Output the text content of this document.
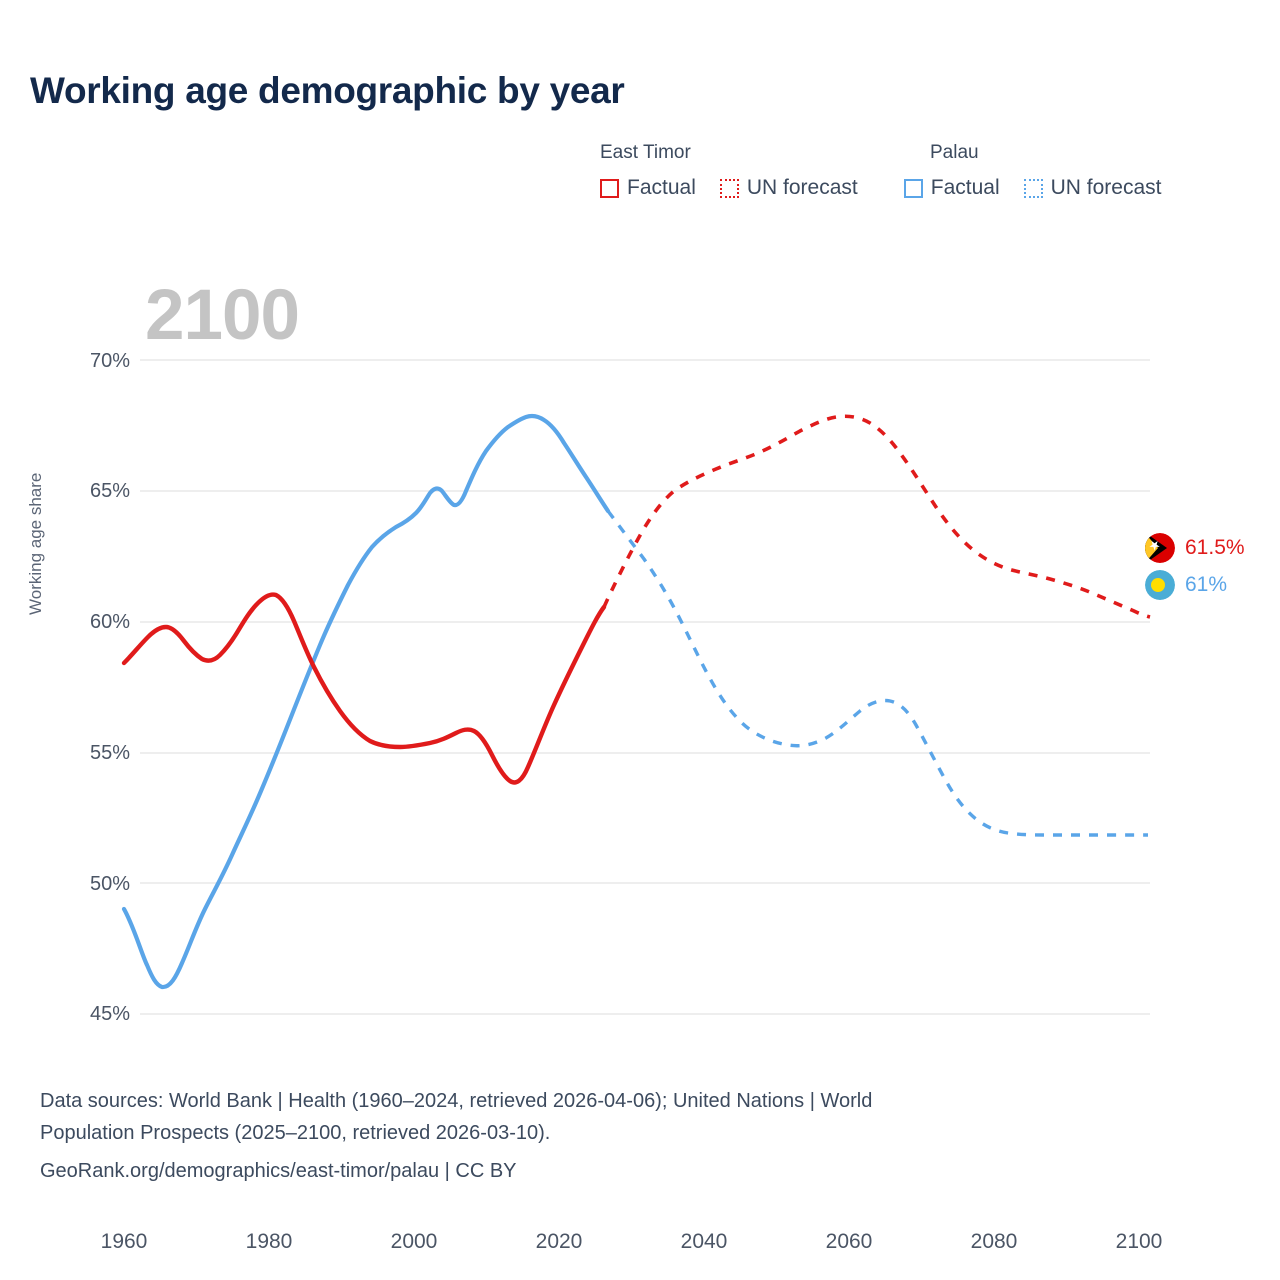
Working age demographic by year
East Timor	Palau
Factual UN forecast	Factual UN forecast
2100
Working age share
70%
65%
60%
55%
50%
45%
1960	1980	2000	2020	2040	2060	2080	2100
61.5%
61%
Data sources: World Bank | Health (1960–2024, retrieved 2026-04-06); United Nations | World
Population Prospects (2025–2100, retrieved 2026-03-10).
GeoRank.org/demographics/east-timor/palau | CC BY
